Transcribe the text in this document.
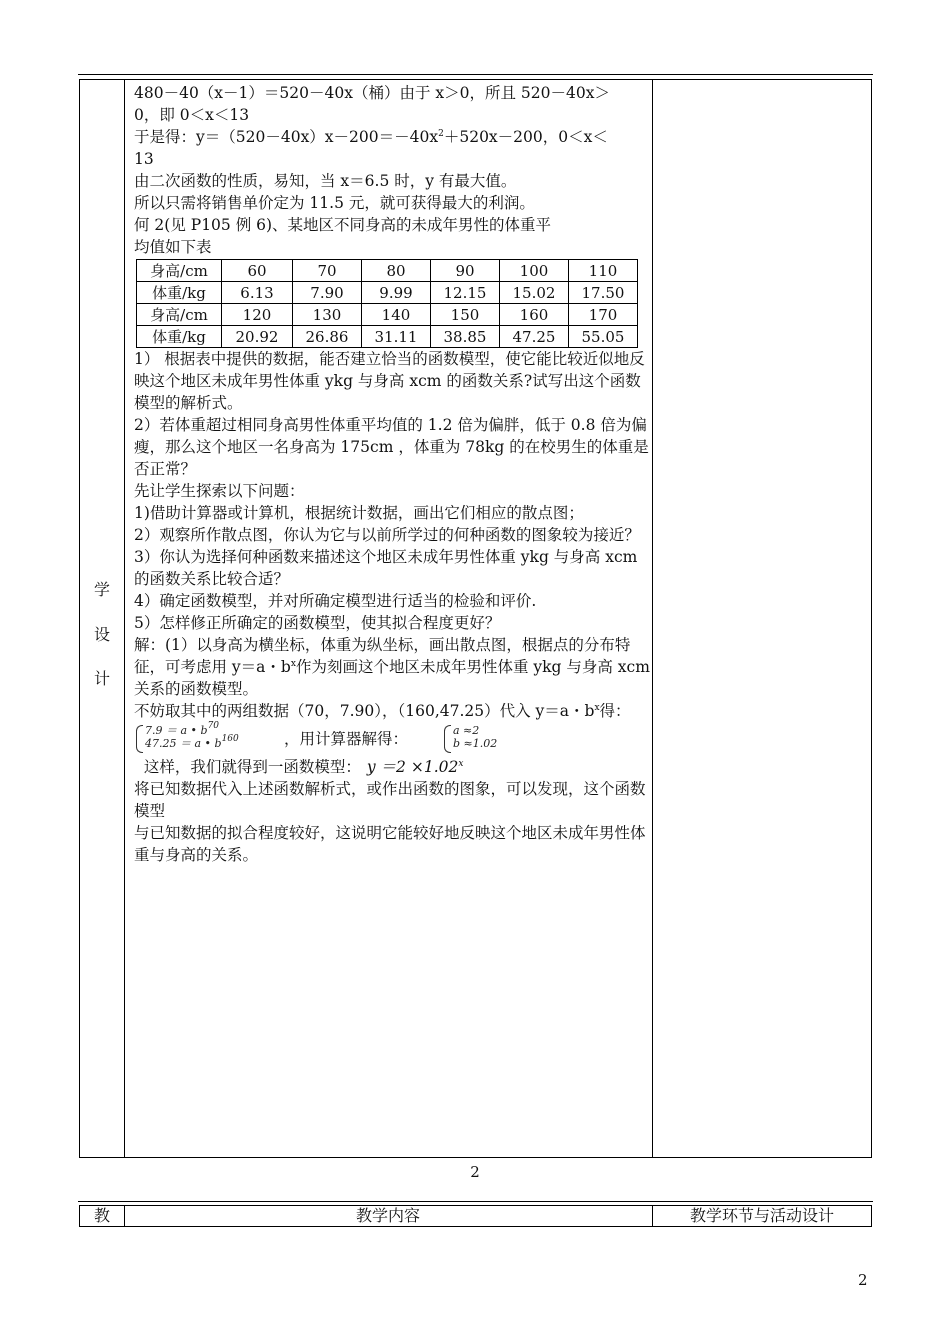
学
设
计

480－40（x－1）＝520－40x（桶）由于 x＞0，所且 520－40x＞

0，即 0＜x＜13

于是得：$y=(520-40x)x-200=-40x^2+520x-200$，0＜x＜

13

由二次函数的性质，易知，当 x＝6.5 时，y 有最大值。

所以只需将销售单价定为 11.5 元，就可获得最大的利润。

何 2(见 P105 例 6)、某地区不同身高的未成年男性的体重平

均值如下表

身高/cm	60	70	80	90	100	110
体重/kg	6.13	7.90	9.99	12.15	15.02	17.50
身高/cm	120	130	140	150	160	170
体重/kg	20.92	26.86	31.11	38.85	47.25	55.05

1） 根据表中提供的数据，能否建立恰当的函数模型，使它能比较近似地反映这个地区未成年男性体重 ykg 与身高 xcm 的函数关系?试写出这个函数模型的解析式。

2）若体重超过相同身高男性体重平均值的 1.2 倍为偏胖，低于 0.8 倍为偏瘦，那么这个地区一名身高为 175cm ，体重为 78kg 的在校男生的体重是否正常？

先让学生探索以下问题：

1)借助计算器或计算机，根据统计数据，画出它们相应的散点图；

2）观察所作散点图，你认为它与以前所学过的何种函数的图象较为接近？

3）你认为选择何种函数来描述这个地区未成年男性体重 ykg 与身高 xcm 的函数关系比较合适？

4）确定函数模型，并对所确定模型进行适当的检验和评价.

5）怎样修正所确定的函数模型，使其拟合程度更好？

解：(1）以身高为横坐标，体重为纵坐标，画出散点图，根据点的分布特征，可考虑用 y＝a・$b^x$作为刻画这个地区未成年男性体重 ykg 与身高 xcm 关系的函数模型。

不妨取其中的两组数据（70，7.90），（160,47.25）代入 y＝a・$b^x$得：

7.9 ＝ a • $b^{70}$
47.25 ＝ a • $b^{160}$	，用计算器解得：	a ≈2
b ≈1.02

这样，我们就得到一函数模型： $y =2 \times 1.02^x$

将已知数据代入上述函数解析式，或作出函数的图象，可以发现，这个函数模型

与已知数据的拟合程度较好，这说明它能较好地反映这个地区未成年男性体重与身高的关系。

2
教	教学内容	教学环节与活动设计
2
